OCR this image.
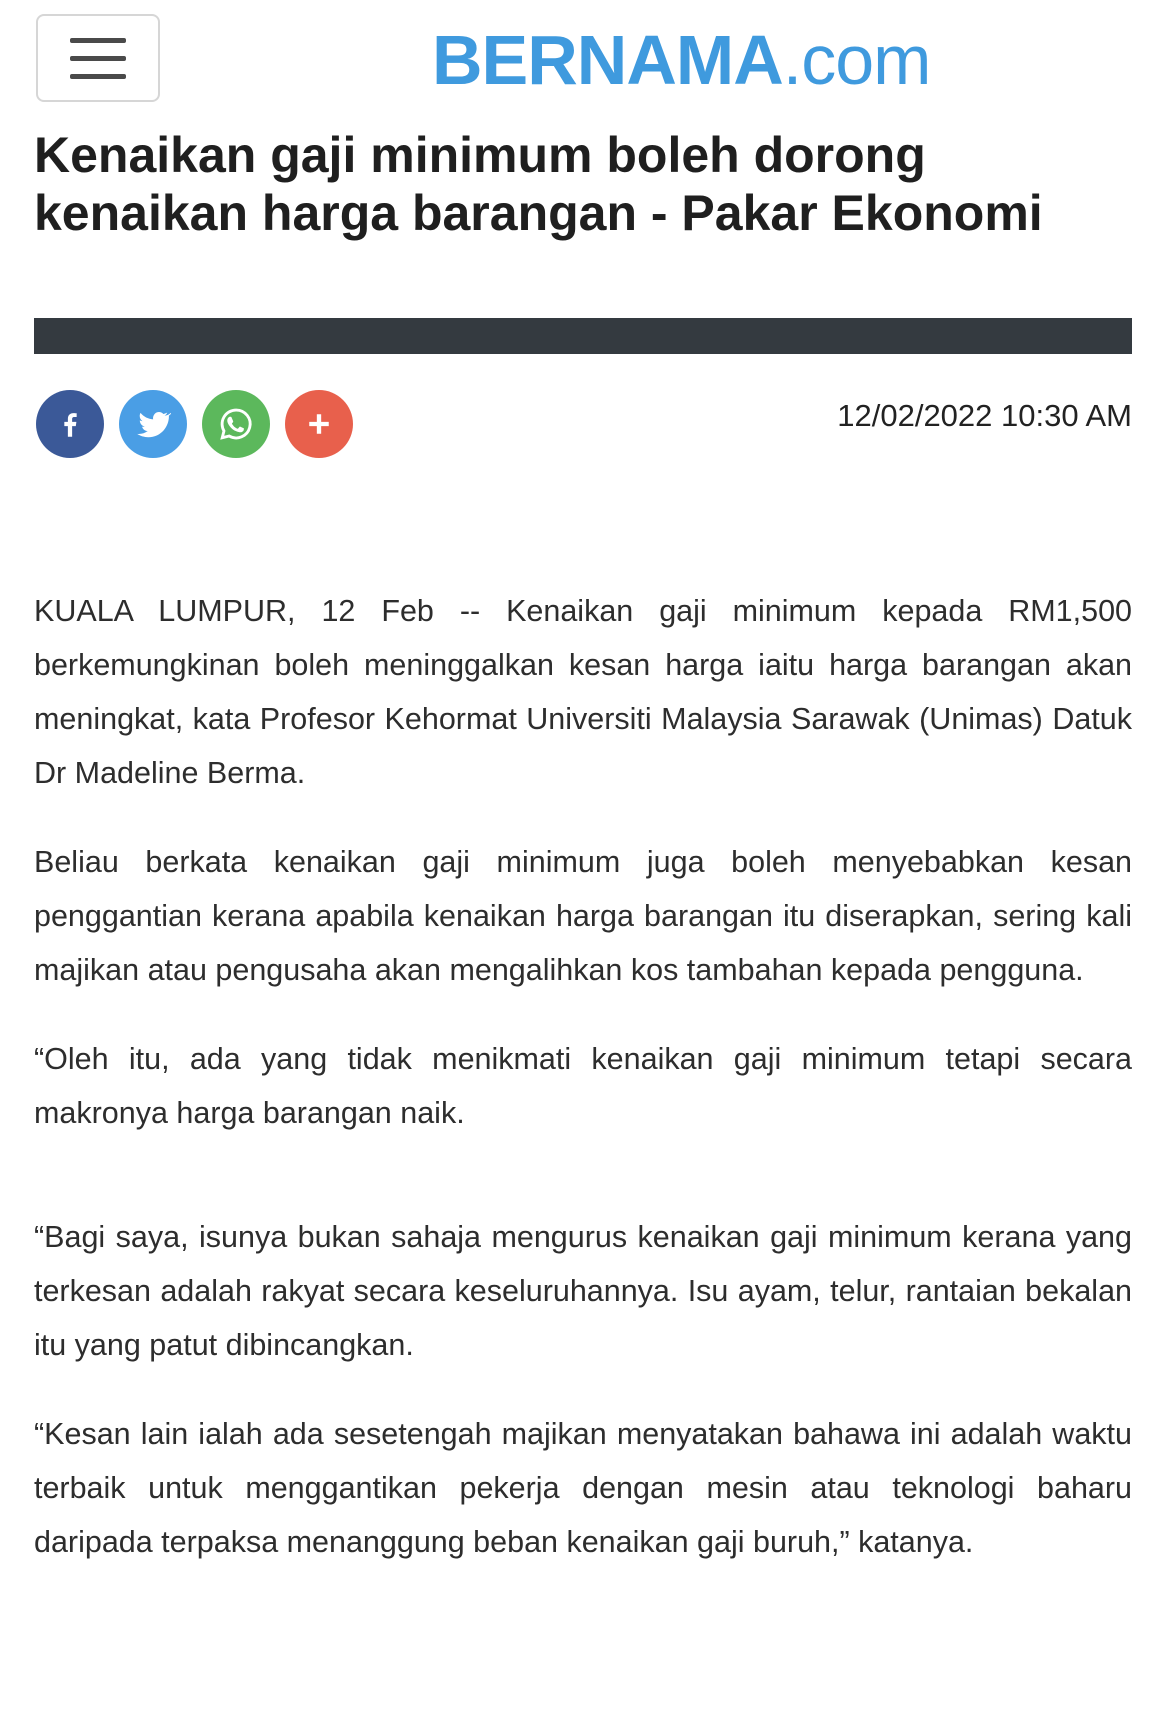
BERNAMA.com
Kenaikan gaji minimum boleh dorong kenaikan harga barangan - Pakar Ekonomi
12/02/2022 10:30 AM

KUALA LUMPUR, 12 Feb -- Kenaikan gaji minimum kepada RM1,500 berkemungkinan boleh meninggalkan kesan harga iaitu harga barangan akan meningkat, kata Profesor Kehormat Universiti Malaysia Sarawak (Unimas) Datuk Dr Madeline Berma.

Beliau berkata kenaikan gaji minimum juga boleh menyebabkan kesan penggantian kerana apabila kenaikan harga barangan itu diserapkan, sering kali majikan atau pengusaha akan mengalihkan kos tambahan kepada pengguna.

“Oleh itu, ada yang tidak menikmati kenaikan gaji minimum tetapi secara makronya harga barangan naik.

“Bagi saya, isunya bukan sahaja mengurus kenaikan gaji minimum kerana yang terkesan adalah rakyat secara keseluruhannya. Isu ayam, telur, rantaian bekalan itu yang patut dibincangkan.

“Kesan lain ialah ada sesetengah majikan menyatakan bahawa ini adalah waktu terbaik untuk menggantikan pekerja dengan mesin atau teknologi baharu daripada terpaksa menanggung beban kenaikan gaji buruh,” katanya.
